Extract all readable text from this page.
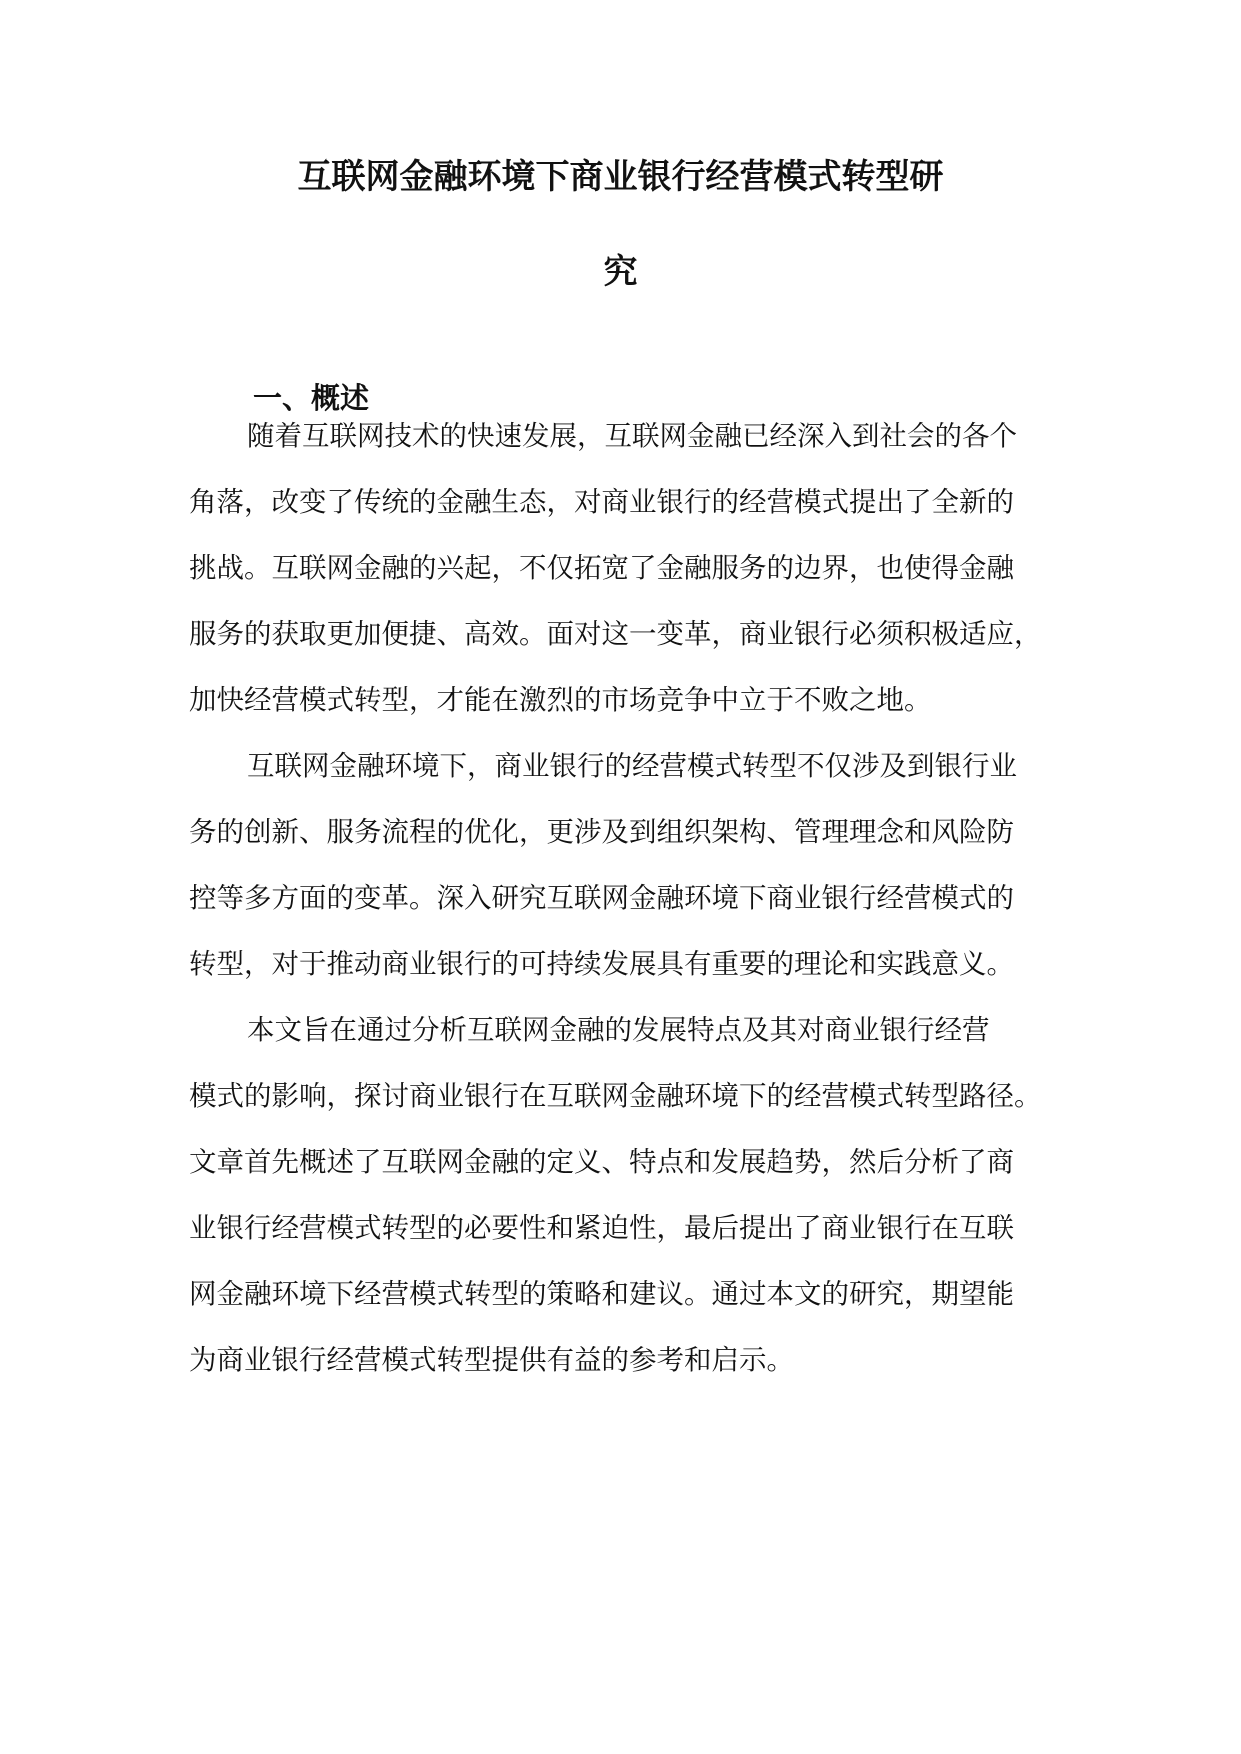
互联网金融环境下商业银行经营模式转型研
究
一、概述

随着互联网技术的快速发展，互联网金融已经深入到社会的各个

角落，改变了传统的金融生态，对商业银行的经营模式提出了全新的

挑战。互联网金融的兴起，不仅拓宽了金融服务的边界，也使得金融

服务的获取更加便捷、高效。面对这一变革，商业银行必须积极适应，

加快经营模式转型，才能在激烈的市场竞争中立于不败之地。

互联网金融环境下，商业银行的经营模式转型不仅涉及到银行业

务的创新、服务流程的优化，更涉及到组织架构、管理理念和风险防

控等多方面的变革。深入研究互联网金融环境下商业银行经营模式的

转型，对于推动商业银行的可持续发展具有重要的理论和实践意义。

本文旨在通过分析互联网金融的发展特点及其对商业银行经营

模式的影响，探讨商业银行在互联网金融环境下的经营模式转型路径。

文章首先概述了互联网金融的定义、特点和发展趋势，然后分析了商

业银行经营模式转型的必要性和紧迫性，最后提出了商业银行在互联

网金融环境下经营模式转型的策略和建议。通过本文的研究，期望能

为商业银行经营模式转型提供有益的参考和启示。
